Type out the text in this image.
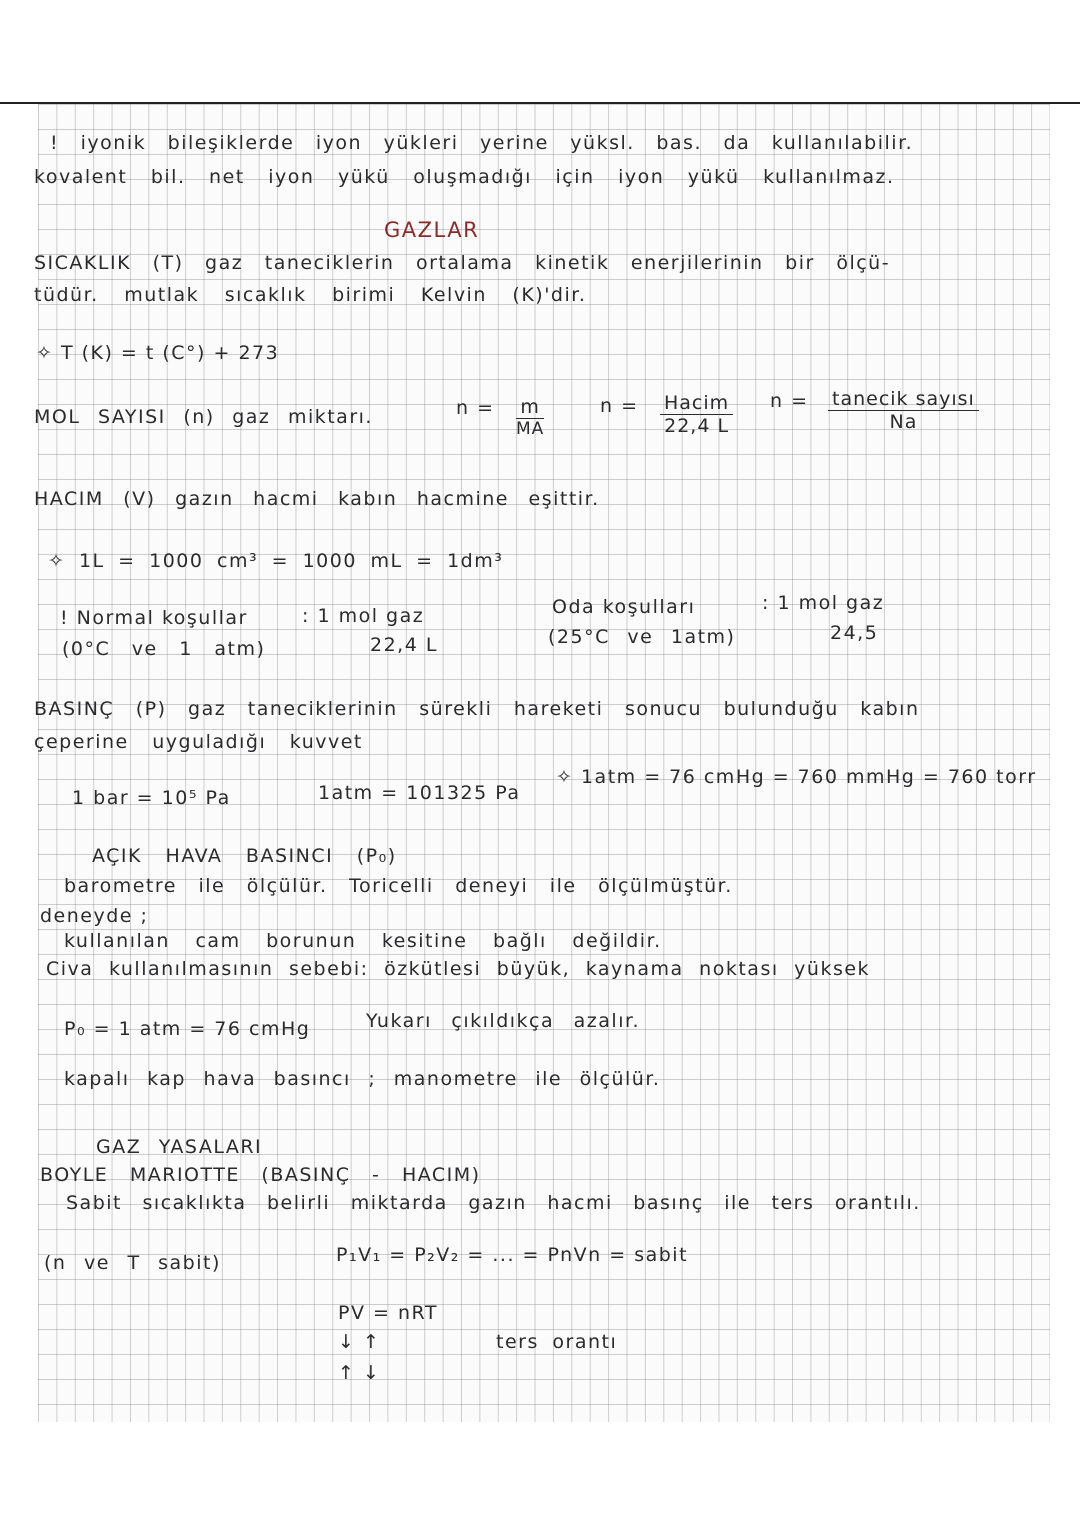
! iyonik bileşiklerde iyon yükleri yerine yüksl. bas. da kullanılabilir.
kovalent bil. net iyon yükü oluşmadığı için iyon yükü kullanılmaz.
GAZLAR
SICAKLIK (T) gaz taneciklerin ortalama kinetik enerjilerinin bir ölçü-
tüdür. mutlak sıcaklık birimi Kelvin (K)'dir.
✧ T (K) = t (C°) + 273
MOL SAYISI (n) gaz miktarı.	$n = \frac{m}{MA}$	n = Hacim
22,4 L
n = tanecik sayısı
Na
HACIM (V) gazın hacmi kabın hacmine eşittir.
✧ 1L = 1000 cm³ = 1000 mL = 1dm³
! Normal koşullar
(0°C ve 1 atm)
: 1 mol gaz
22,4 L
Oda koşulları
(25°C ve 1atm)
: 1 mol gaz
24,5
BASINÇ (P) gaz taneciklerinin sürekli hareketi sonucu bulunduğu kabın
çeperine uyguladığı kuvvet
1 bar = 10⁵ Pa	1atm = 101325 Pa
✧ 1atm = 76 cmHg = 760 mmHg = 760 torr
AÇIK HAVA BASINCI (P₀)
barometre ile ölçülür. Toricelli deneyi ile ölçülmüştür.
deneyde ;
kullanılan cam borunun kesitine bağlı değildir.
Civa kullanılmasının sebebi: özkütlesi büyük, kaynama noktası yüksek
P₀ = 1 atm = 76 cmHg	Yukarı çıkıldıkça azalır.
kapalı kap hava basıncı ; manometre ile ölçülür.
GAZ YASALARI
BOYLE MARIOTTE (BASINÇ - HACIM)
Sabit sıcaklıkta belirli miktarda gazın hacmi basınç ile ters orantılı.
(n ve T sabit)	P₁V₁ = P₂V₂ = ... = PnVn = sabit
PV = nRT
↓ ↑	ters orantı
↑ ↓
